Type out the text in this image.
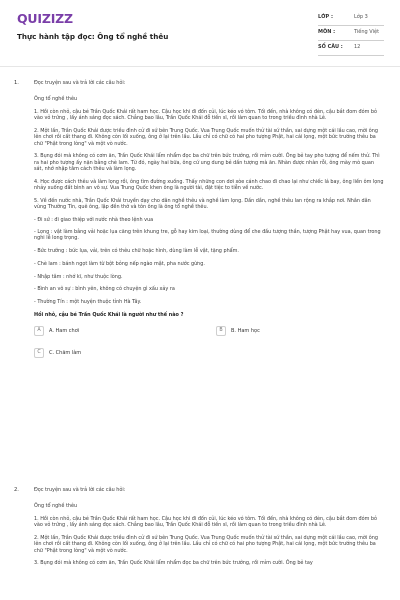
QUIZIZZ
Thực hành tập đọc: Ông tổ nghề thêu
LỚP :	Lớp 3
MÔN :	Tiếng Việt
SỐ CÂU : 12
1.	Đọc truyện sau và trả lời các câu hỏi:

Ông tổ nghề thêu

1. Hồi còn nhỏ, cậu bé Trần Quốc Khái rất ham học. Cậu học khi đi đốn củi, lúc kéo vó tôm. Tối đến, nhà không có đèn, cậu bắt đom đóm bỏ vào vỏ trứng , lấy ánh sáng đọc sách. Chẳng bao lâu, Trần Quốc Khái đỗ tiến sĩ, rồi làm quan to trong triều đình nhà Lê.

2. Một lần, Trần Quốc Khái được triều đình cử đi sứ bên Trung Quốc. Vua Trung Quốc muốn thử tài sứ thần, sai dựng một cái lầu cao, mời ông lên chơi rồi cất thang đi. Không còn lối xuống, ông ở lại trên lầu. Lầu chỉ có chữ có hai pho tượng Phật, hai cái lọng, một bức trướng thêu ba chữ "Phật trong lòng" và một vò nước.

3. Bụng đói mà không có cơm ăn, Trần Quốc Khái lẩm nhẩm đọc ba chữ trên bức trướng, rồi mỉm cười. Ông bẻ tay pho tượng để nếm thử. Thì ra hai pho tượng ấy nặn bằng chè lam. Từ đó, ngày hai bữa, ông cứ ung dung bẻ dần tượng mà ăn. Nhàn được nhàn rỗi, ông mày mò quan sát, nhớ nhập tâm cách thêu và làm lọng.

4. Học được cách thêu và làm lọng rồi, ông tìm đường xuống. Thấy những con dơi xòe cánh chao đi chao lại như chiếc lá bay, ông liền ôm lọng nhảy xuống đất bình an vô sự. Vua Trung Quốc khen ông là người tài, đặt tiệc to tiễn về nước.

5. Về đến nước nhà, Trần Quốc Khái truyền dạy cho dân nghề thêu và nghề làm lọng. Dần dần, nghề thêu lan rộng ra khắp nơi. Nhân dân vùng Thường Tín, quê ông, lập đền thờ và tôn ông là ông tổ nghề thêu.

- Đi sứ : đi giao thiệp với nước nhà theo lệnh vua

- Lọng : vật làm bằng vải hoặc lụa căng trên khung tre, gỗ hay kim loại, thường dùng để che đầu tượng thần, tượng Phật hay vua, quan trong nghi lễ long trọng.

- Bức trướng : bức lụa, vải, trên có thêu chữ hoặc hình, dùng làm lễ vật, tặng phẩm.

- Chè lam : bánh ngọt làm từ bột bỏng nếp ngào mật, pha nước gừng.

- Nhập tâm : nhớ kĩ, như thuộc lòng.

- Bình an vô sự : bình yên, không có chuyện gì xấu xảy ra

- Thường Tín : một huyện thuộc tỉnh Hà Tây.

Hồi nhỏ, cậu bé Trần Quốc Khái là người như thế nào ?

A	A. Ham chơi	B	B. Ham học
C	C. Chăm làm
2.	Đọc truyện sau và trả lời các câu hỏi:

Ông tổ nghề thêu

1. Hồi còn nhỏ, cậu bé Trần Quốc Khái rất ham học. Cậu học khi đi đốn củi, lúc kéo vó tôm. Tối đến, nhà không có đèn, cậu bắt đom đóm bỏ vào vỏ trứng , lấy ánh sáng đọc sách. Chẳng bao lâu, Trần Quốc Khái đỗ tiến sĩ, rồi làm quan to trong triều đình nhà Lê.

2. Một lần, Trần Quốc Khái được triều đình cử đi sứ bên Trung Quốc. Vua Trung Quốc muốn thử tài sứ thần, sai dựng một cái lầu cao, mời ông lên chơi rồi cất thang đi. Không còn lối xuống, ông ở lại trên lầu. Lầu chỉ có chữ có hai pho tượng Phật, hai cái lọng, một bức trướng thêu ba chữ "Phật trong lòng" và một vò nước.

3. Bụng đói mà không có cơm ăn, Trần Quốc Khái lẩm nhẩm đọc ba chữ trên bức trướng, rồi mỉm cười. Ông bẻ tay
